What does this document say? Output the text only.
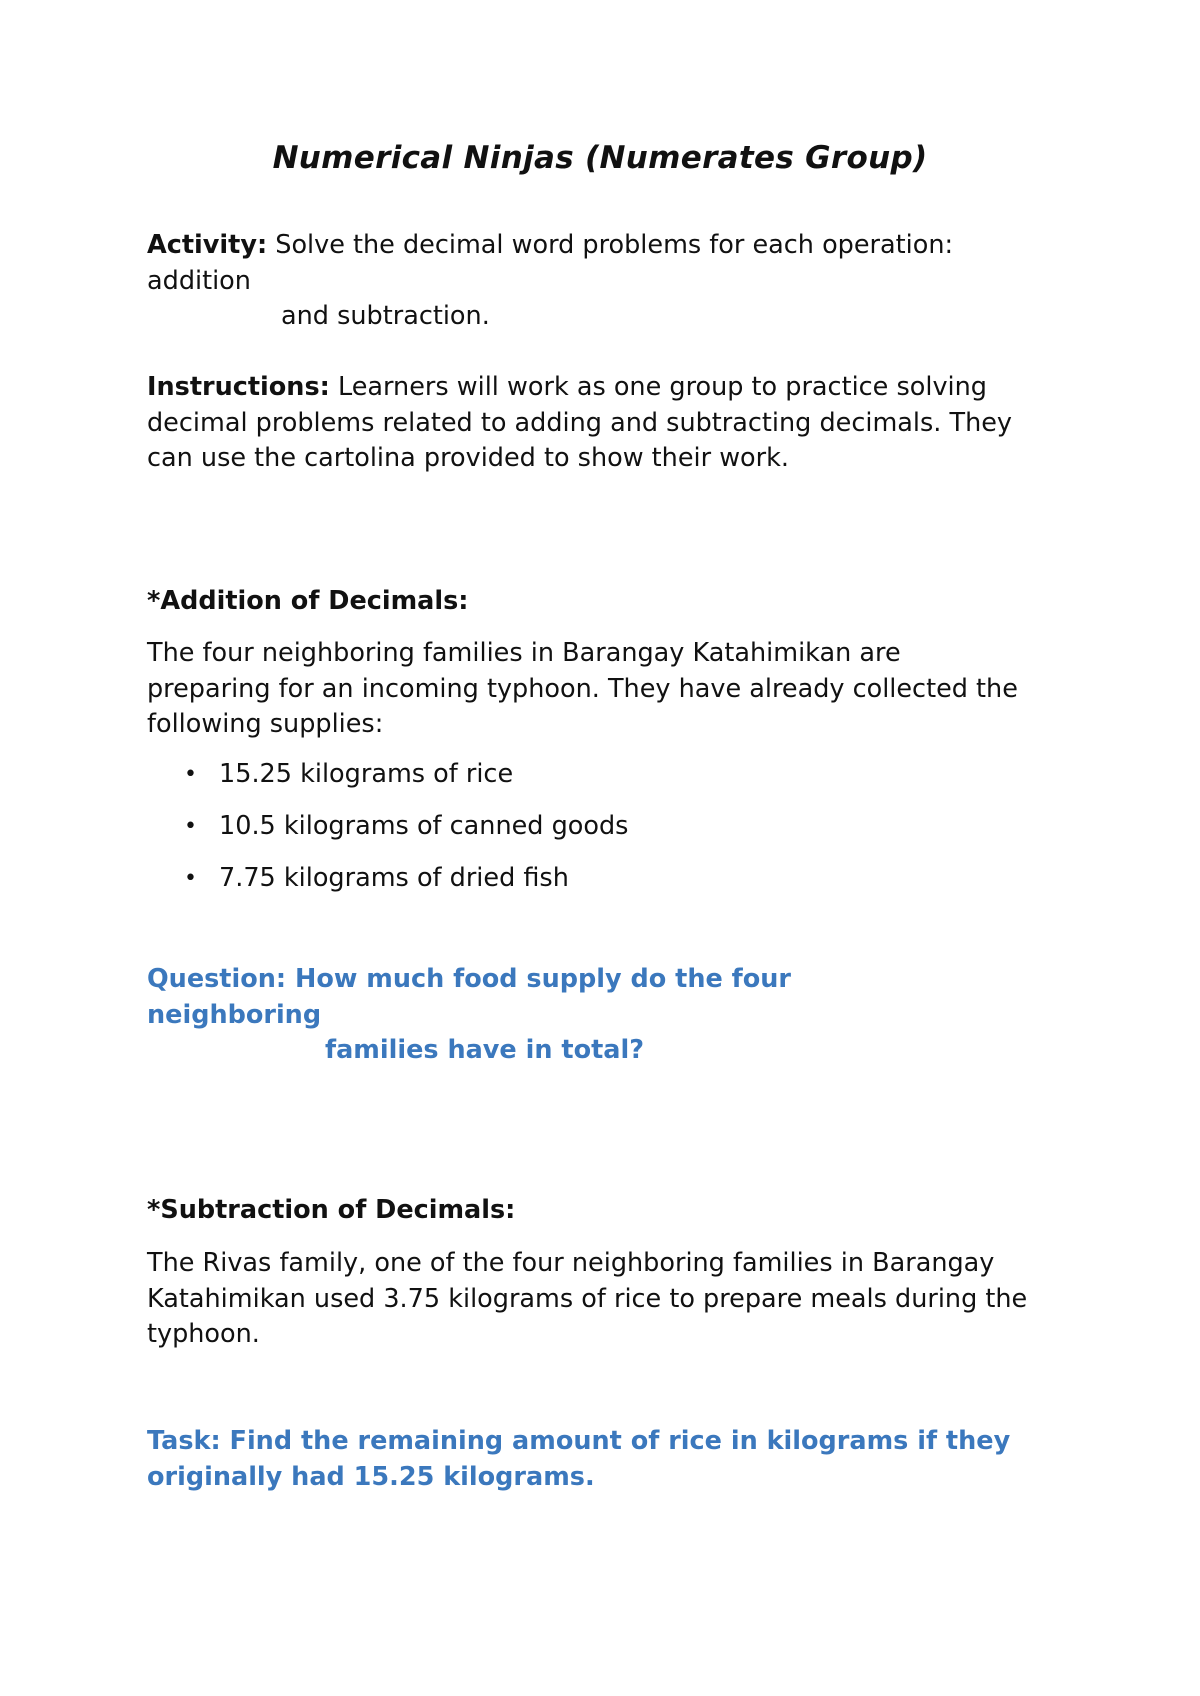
Numerical Ninjas (Numerates Group)
Activity: Solve the decimal word problems for each operation: addition
and subtraction.
Instructions: Learners will work as one group to practice solving decimal problems related to adding and subtracting decimals. They can use the cartolina provided to show their work.
*Addition of Decimals:
The four neighboring families in Barangay Katahimikan are preparing for an incoming typhoon. They have already collected the following supplies:
• 15.25 kilograms of rice
• 10.5 kilograms of canned goods
• 7.75 kilograms of dried fish
Question: How much food supply do the four neighboring
families have in total?
*Subtraction of Decimals:
The Rivas family, one of the four neighboring families in Barangay Katahimikan used 3.75 kilograms of rice to prepare meals during the typhoon.
Task: Find the remaining amount of rice in kilograms if they originally had 15.25 kilograms.
